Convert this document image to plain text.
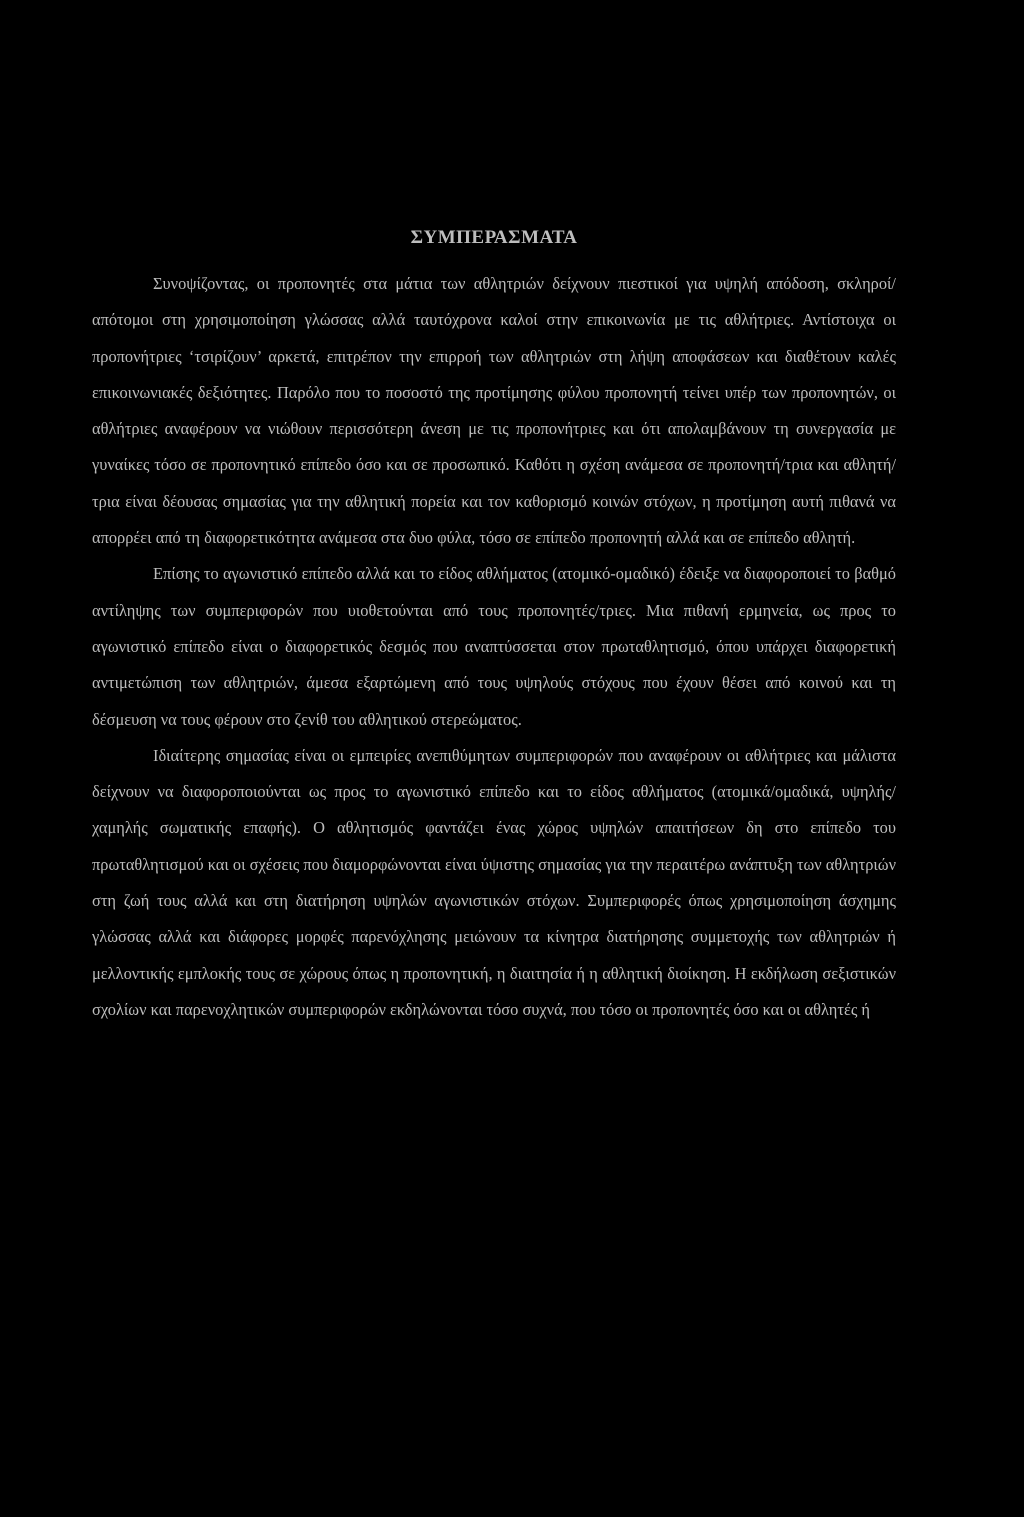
ΣΥΜΠΕΡΑΣΜΑΤΑ

Συνοψίζοντας, οι προπονητές στα μάτια των αθλητριών δείχνουν πιεστικοί για υψηλή απόδοση, σκληροί/απότομοι στη χρησιμοποίηση γλώσσας αλλά ταυτόχρονα καλοί στην επικοινωνία με τις αθλήτριες. Αντίστοιχα οι προπονήτριες ‘τσιρίζουν’ αρκετά, επιτρέπον την επιρροή των αθλητριών στη λήψη αποφάσεων και διαθέτουν καλές επικοινωνιακές δεξιότητες. Παρόλο που το ποσοστό της προτίμησης φύλου προπονητή τείνει υπέρ των προπονητών, οι αθλήτριες αναφέρουν να νιώθουν περισσότερη άνεση με τις προπονήτριες και ότι απολαμβάνουν τη συνεργασία με γυναίκες τόσο σε προπονητικό επίπεδο όσο και σε προσωπικό. Καθότι η σχέση ανάμεσα σε προπονητή/τρια και αθλητή/τρια είναι δέουσας σημασίας για την αθλητική πορεία και τον καθορισμό κοινών στόχων, η προτίμηση αυτή πιθανά να απορρέει από τη διαφορετικότητα ανάμεσα στα δυο φύλα, τόσο σε επίπεδο προπονητή αλλά και σε επίπεδο αθλητή.

Επίσης το αγωνιστικό επίπεδο αλλά και το είδος αθλήματος (ατομικό-ομαδικό) έδειξε να διαφοροποιεί το βαθμό αντίληψης των συμπεριφορών που υιοθετούνται από τους προπονητές/τριες. Μια πιθανή ερμηνεία, ως προς το αγωνιστικό επίπεδο είναι ο διαφορετικός δεσμός που αναπτύσσεται στον πρωταθλητισμό, όπου υπάρχει διαφορετική αντιμετώπιση των αθλητριών, άμεσα εξαρτώμενη από τους υψηλούς στόχους που έχουν θέσει από κοινού και τη δέσμευση να τους φέρουν στο ζενίθ του αθλητικού στερεώματος.

Ιδιαίτερης σημασίας είναι οι εμπειρίες ανεπιθύμητων συμπεριφορών που αναφέρουν οι αθλήτριες και μάλιστα δείχνουν να διαφοροποιούνται ως προς το αγωνιστικό επίπεδο και το είδος αθλήματος (ατομικά/ομαδικά, υψηλής/χαμηλής σωματικής επαφής). Ο αθλητισμός φαντάζει ένας χώρος υψηλών απαιτήσεων δη στο επίπεδο του πρωταθλητισμού και οι σχέσεις που διαμορφώνονται είναι ύψιστης σημασίας για την περαιτέρω ανάπτυξη των αθλητριών στη ζωή τους αλλά και στη διατήρηση υψηλών αγωνιστικών στόχων. Συμπεριφορές όπως χρησιμοποίηση άσχημης γλώσσας αλλά και διάφορες μορφές παρενόχλησης μειώνουν τα κίνητρα διατήρησης συμμετοχής των αθλητριών ή μελλοντικής εμπλοκής τους σε χώρους όπως η προπονητική, η διαιτησία ή η αθλητική διοίκηση. Η εκδήλωση σεξιστικών σχολίων και παρενοχλητικών συμπεριφορών εκδηλώνονται τόσο συχνά, που τόσο οι προπονητές όσο και οι αθλητές ή
